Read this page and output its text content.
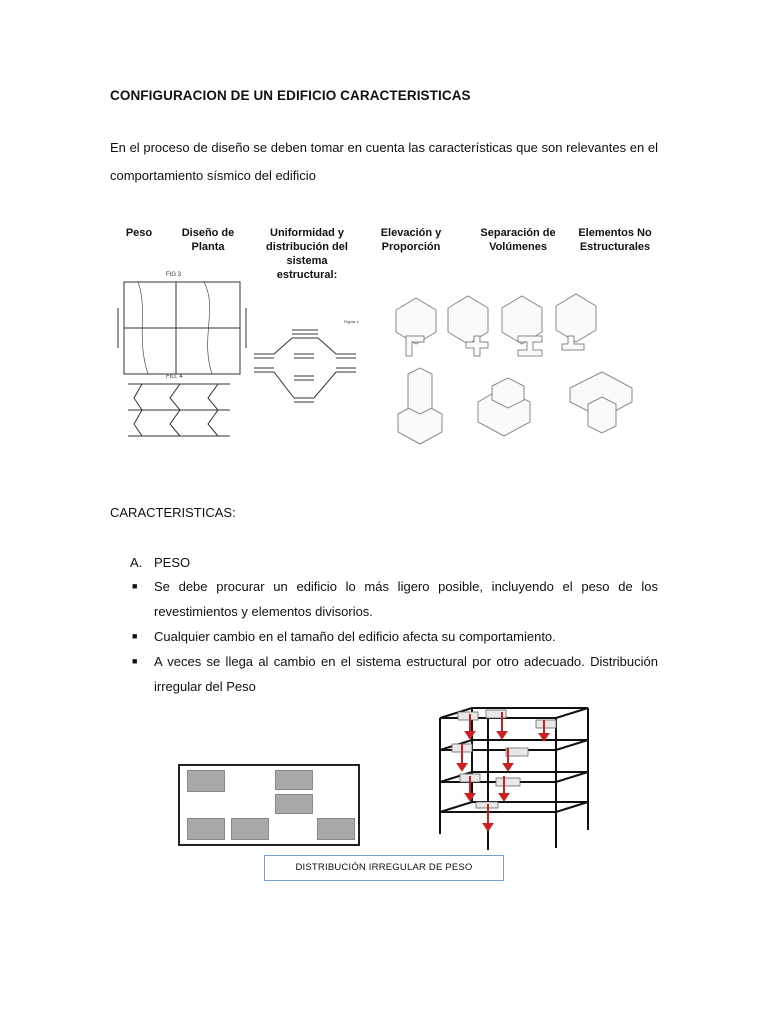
CONFIGURACION DE UN EDIFICIO CARACTERISTICAS
En el proceso de diseño se deben tomar en cuenta las características que son relevantes en el comportamiento sísmico del edificio
Peso	Diseño de Planta
Uniformidad y distribución del sistema estructural:
Elevación y Proporción
Separación de Volúmenes
Elementos No Estructurales
FIG 3
FIG. 4
Figura 4
CARACTERISTICAS:
A. PESO
■ Se debe procurar un edificio lo más ligero posible, incluyendo el peso de los revestimientos y elementos divisorios.
■ Cualquier cambio en el tamaño del edificio afecta su comportamiento.
■ A veces se llega al cambio en el sistema estructural por otro adecuado. Distribución irregular del Peso
DISTRIBUCIÓN IRREGULAR DE PESO
